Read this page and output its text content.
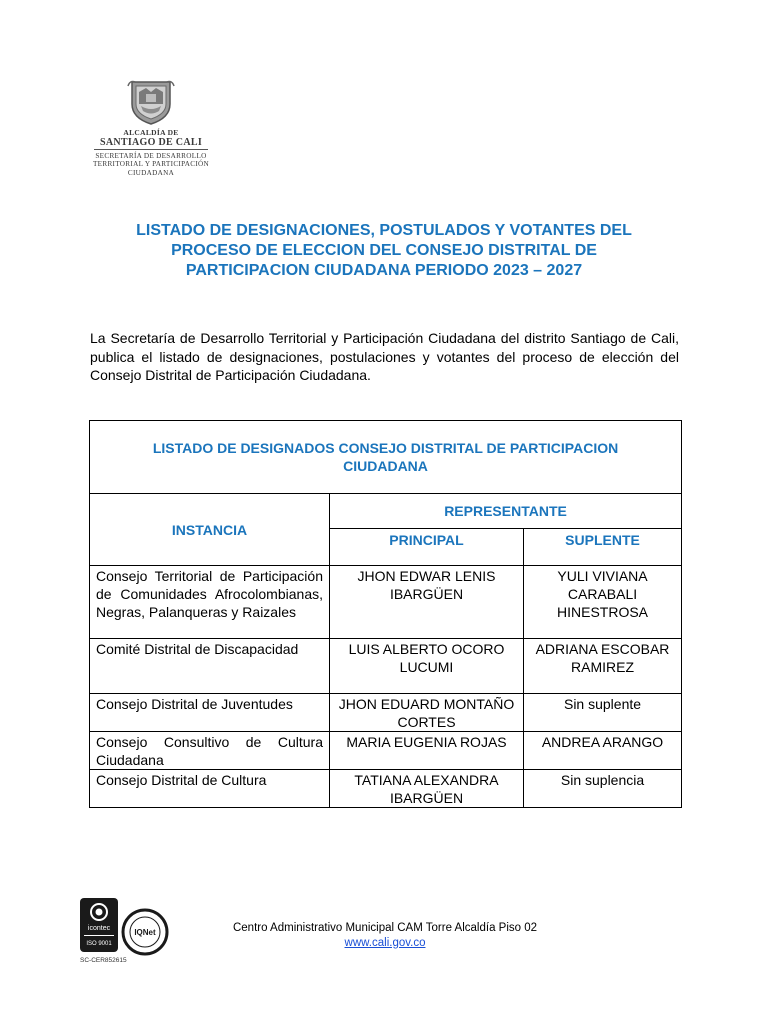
ALCALDÍA DE
SANTIAGO DE CALI
SECRETARÍA DE DESARROLLO
TERRITORIAL Y PARTICIPACIÓN
CIUDADANA
LISTADO DE DESIGNACIONES, POSTULADOS Y VOTANTES DEL
PROCESO DE ELECCION DEL CONSEJO DISTRITAL DE
PARTICIPACION CIUDADANA PERIODO 2023 – 2027

La Secretaría de Desarrollo Territorial y Participación Ciudadana del distrito Santiago de Cali, publica el listado de designaciones, postulaciones y votantes del proceso de elección del Consejo Distrital de Participación Ciudadana.

LISTADO DE DESIGNADOS CONSEJO DISTRITAL DE PARTICIPACION CIUDADANA		
INSTANCIA	REPRESENTANTE	
	PRINCIPAL	SUPLENTE
Consejo Territorial de Participación de Comunidades Afrocolombianas, Negras, Palanqueras y Raizales	JHON EDWAR LENIS IBARGÜEN	YULI VIVIANA CARABALI HINESTROSA
Comité Distrital de Discapacidad	LUIS ALBERTO OCORO LUCUMI	ADRIANA ESCOBAR RAMIREZ
Consejo Distrital de Juventudes	JHON EDUARD MONTAÑO CORTES	Sin suplente
Consejo Consultivo de Cultura Ciudadana	MARIA EUGENIA ROJAS	ANDREA ARANGO
Consejo Distrital de Cultura	TATIANA ALEXANDRA IBARGÜEN	Sin suplencia
icontec
ISO 9001
IQNet
SC-CER852615
Centro Administrativo Municipal CAM Torre Alcaldía Piso 02
www.cali.gov.co
